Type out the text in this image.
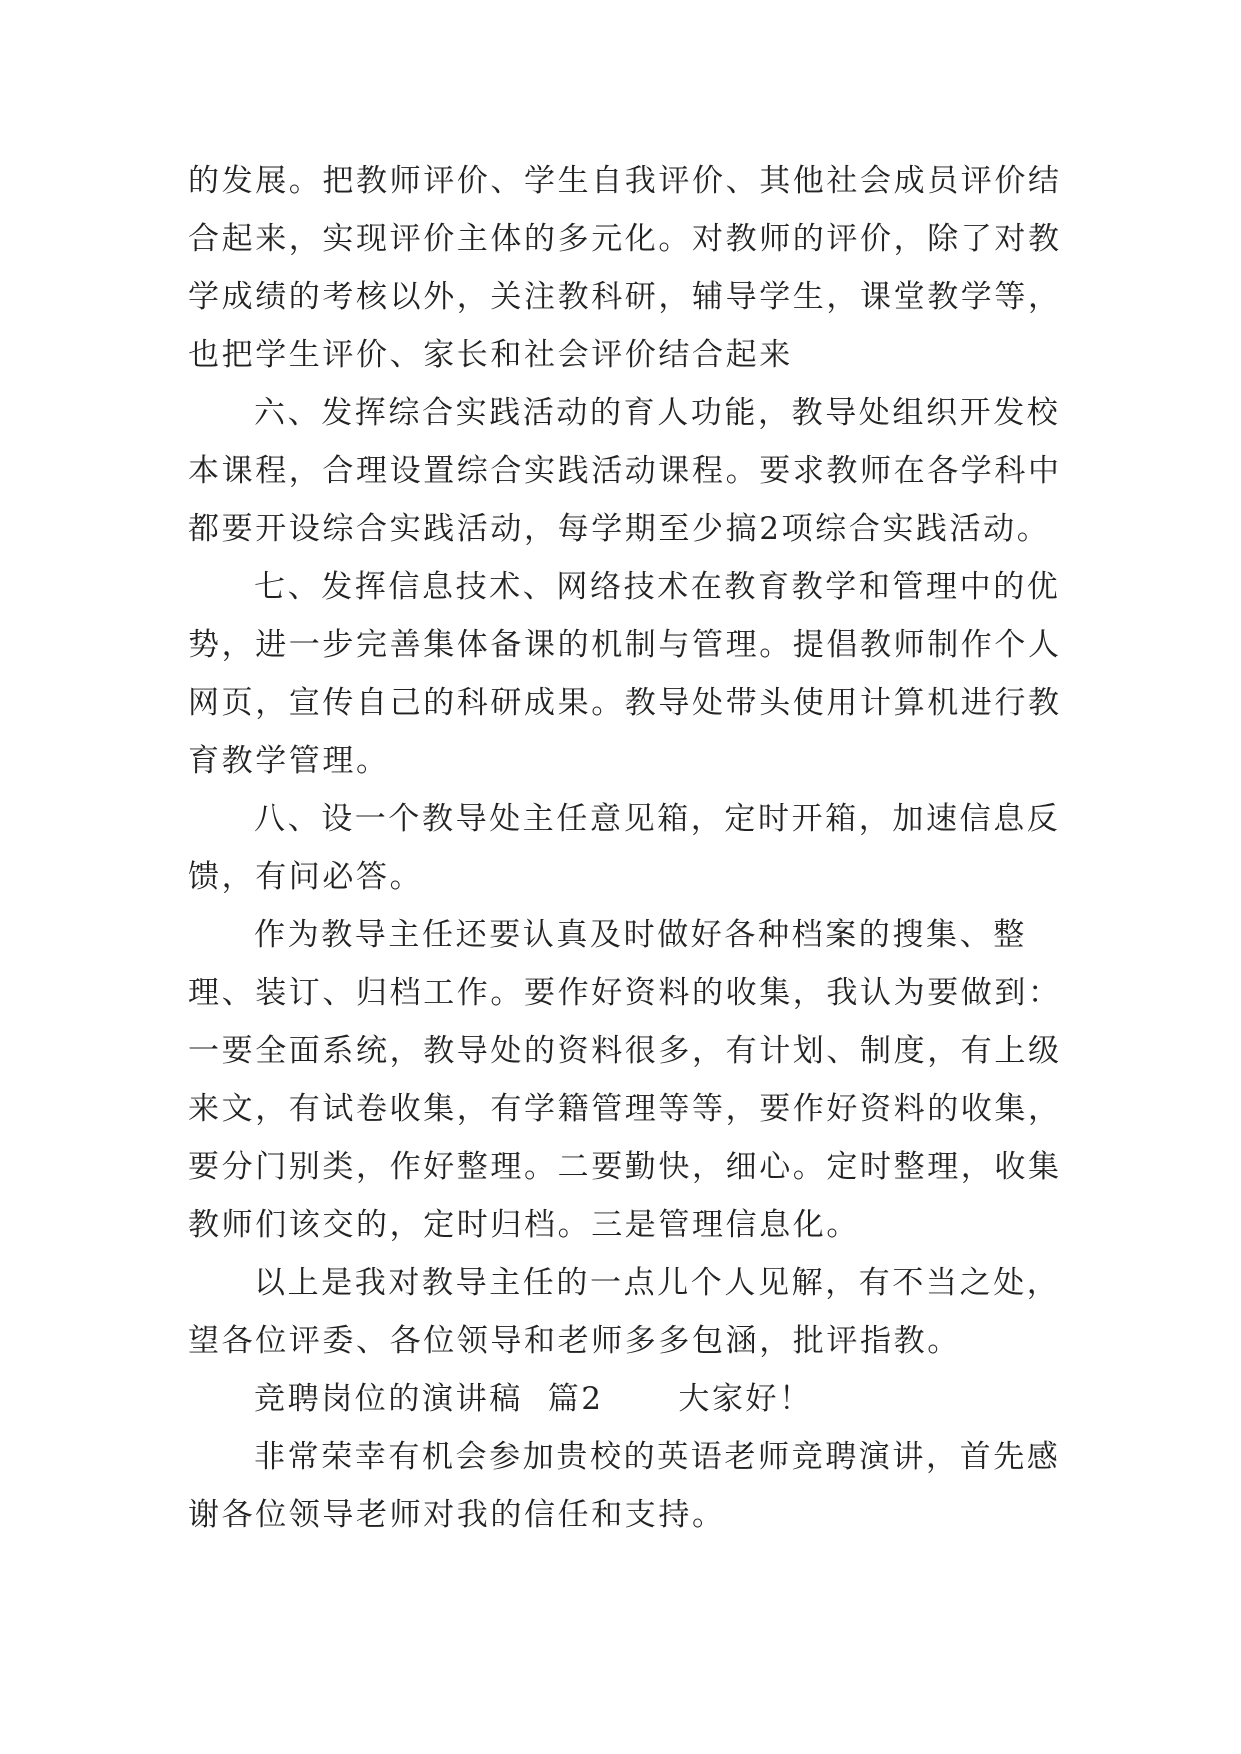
的发展。把教师评价、学生自我评价、其他社会成员评价结合起来，实现评价主体的多元化。对教师的评价，除了对教学成绩的考核以外，关注教科研，辅导学生，课堂教学等，也把学生评价、家长和社会评价结合起来

六、发挥综合实践活动的育人功能，教导处组织开发校本课程，合理设置综合实践活动课程。要求教师在各学科中都要开设综合实践活动，每学期至少搞2项综合实践活动。

七、发挥信息技术、网络技术在教育教学和管理中的优势，进一步完善集体备课的机制与管理。提倡教师制作个人网页，宣传自己的科研成果。教导处带头使用计算机进行教育教学管理。

八、设一个教导处主任意见箱，定时开箱，加速信息反馈，有问必答。

作为教导主任还要认真及时做好各种档案的搜集、整理、装订、归档工作。要作好资料的收集，我认为要做到：一要全面系统，教导处的资料很多，有计划、制度，有上级来文，有试卷收集，有学籍管理等等，要作好资料的收集，要分门别类，作好整理。二要勤快，细心。定时整理，收集教师们该交的，定时归档。三是管理信息化。

以上是我对教导主任的一点儿个人见解，有不当之处，望各位评委、各位领导和老师多多包涵，批评指教。

竞聘岗位的演讲稿  篇2      大家好！

非常荣幸有机会参加贵校的英语老师竞聘演讲，首先感谢各位领导老师对我的信任和支持。
